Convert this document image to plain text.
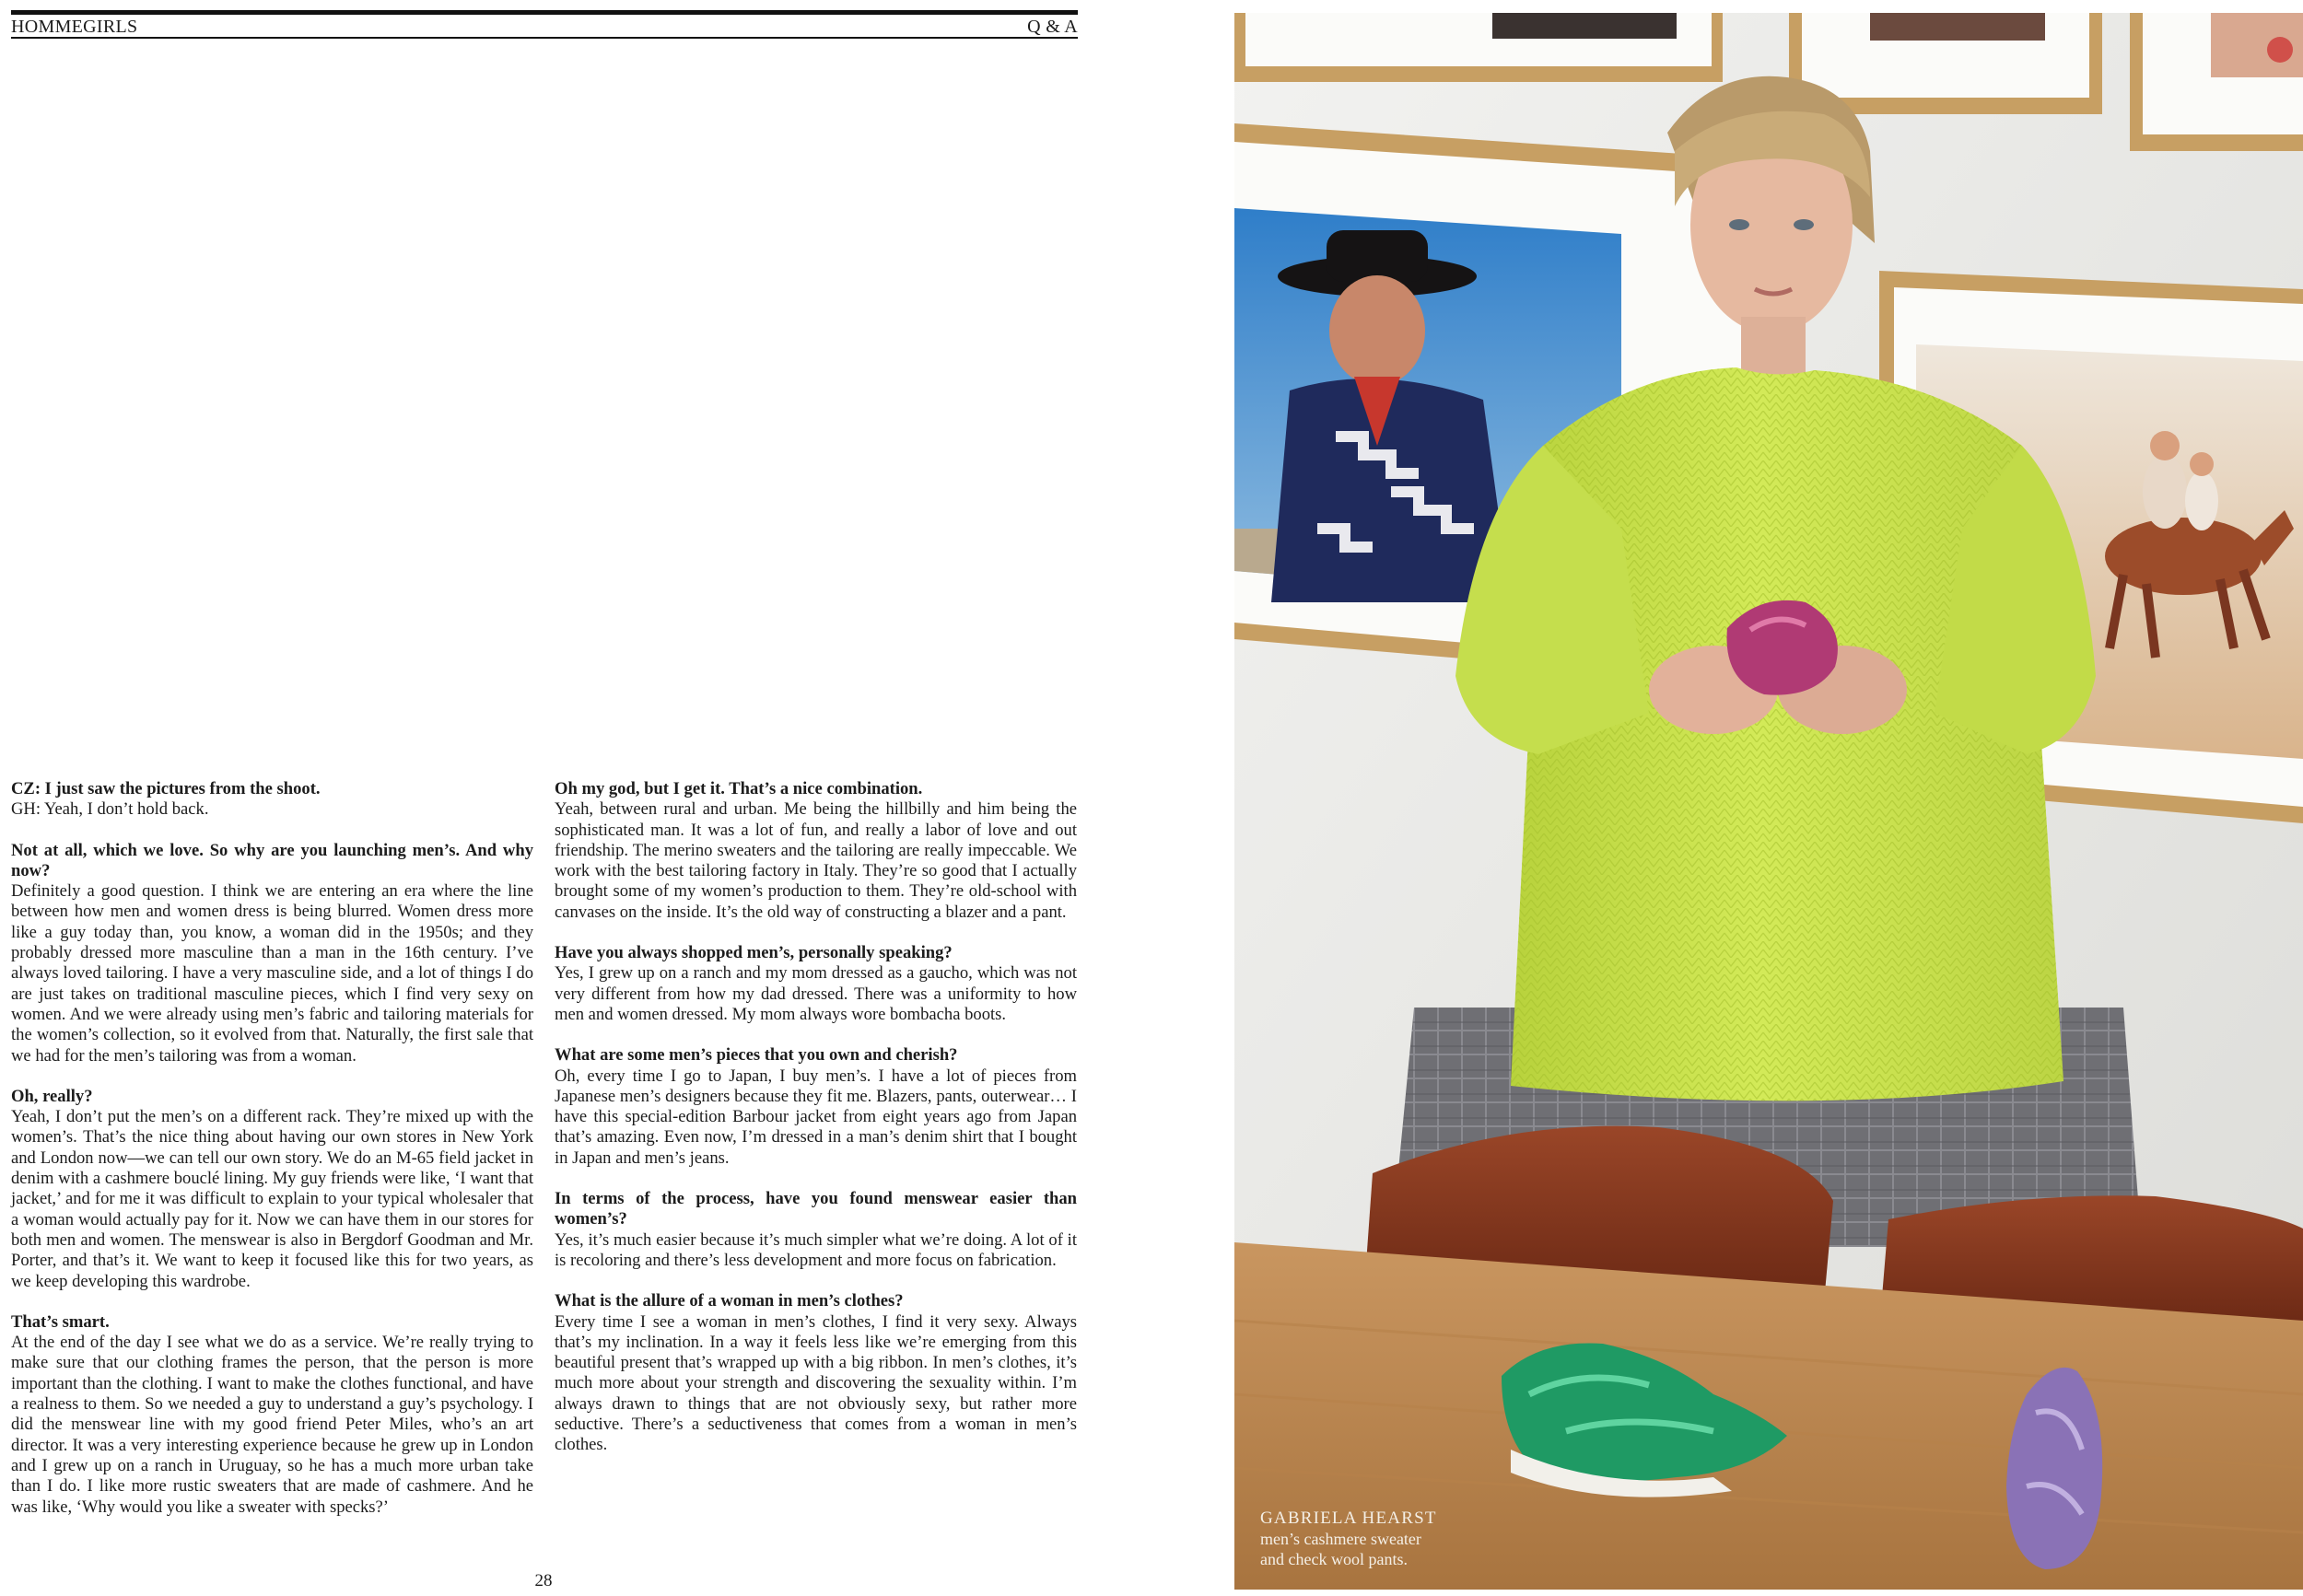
HOMMEGIRLS	Q & A
CZ: I just saw the pictures from the shoot.
GH: Yeah, I don’t hold back.
Not at all, which we love. So why are you launching men’s. And why now?
Definitely a good question. I think we are entering an era where the line between how men and women dress is being blurred. Women dress more like a guy today than, you know, a woman did in the 1950s; and they probably dressed more masculine than a man in the 16th century. I’ve always loved tailoring. I have a very masculine side, and a lot of things I do are just takes on traditional masculine pieces, which I find very sexy on women. And we were already using men’s fabric and tailoring materials for the women’s collection, so it evolved from that. Naturally, the first sale that we had for the men’s tailoring was from a woman.
Oh, really?
Yeah, I don’t put the men’s on a different rack. They’re mixed up with the women’s. That’s the nice thing about having our own stores in New York and London now—we can tell our own story. We do an M-65 field jacket in denim with a cashmere bouclé lining. My guy friends were like, ‘I want that jacket,’ and for me it was difficult to explain to your typical wholesaler that a woman would actually pay for it. Now we can have them in our stores for both men and women. The menswear is also in Bergdorf Goodman and Mr. Porter, and that’s it. We want to keep it focused like this for two years, as we keep developing this wardrobe.
That’s smart.
At the end of the day I see what we do as a service. We’re really trying to make sure that our clothing frames the person, that the person is more important than the clothing. I want to make the clothes functional, and have a realness to them. So we needed a guy to understand a guy’s psychology. I did the menswear line with my good friend Peter Miles, who’s an art director. It was a very interesting experience because he grew up in London and I grew up on a ranch in Uruguay, so he has a much more urban take than I do. I like more rustic sweaters that are made of cashmere. And he was like, ‘Why would you like a sweater with specks?’
Oh my god, but I get it. That’s a nice combination.
Yeah, between rural and urban. Me being the hillbilly and him being the sophisticated man. It was a lot of fun, and really a labor of love and out friendship. The merino sweaters and the tailoring are really impeccable. We work with the best tailoring factory in Italy. They’re so good that I actually brought some of my women’s production to them. They’re old-school with canvases on the inside. It’s the old way of constructing a blazer and a pant.
Have you always shopped men’s, personally speaking?
Yes, I grew up on a ranch and my mom dressed as a gaucho, which was not very different from how my dad dressed. There was a uniformity to how men and women dressed. My mom always wore bombacha boots.
What are some men’s pieces that you own and cherish?
Oh, every time I go to Japan, I buy men’s. I have a lot of pieces from Japanese men’s designers because they fit me. Blazers, pants, outerwear… I have this special-edition Barbour jacket from eight years ago from Japan that’s amazing. Even now, I’m dressed in a man’s denim shirt that I bought in Japan and men’s jeans.
In terms of the process, have you found menswear easier than women’s?
Yes, it’s much easier because it’s much simpler what we’re doing. A lot of it is recoloring and there’s less development and more focus on fabrication.
What is the allure of a woman in men’s clothes?
Every time I see a woman in men’s clothes, I find it very sexy. Always that’s my inclination. In a way it feels less like we’re emerging from this beautiful present that’s wrapped up with a big ribbon. In men’s clothes, it’s much more about your strength and discovering the sexuality within. I’m always drawn to things that are not obviously sexy, but rather more seductive. There’s a seductiveness that comes from a woman in men’s clothes.
28
GABRIELA HEARST
men’s cashmere sweater
and check wool pants.
